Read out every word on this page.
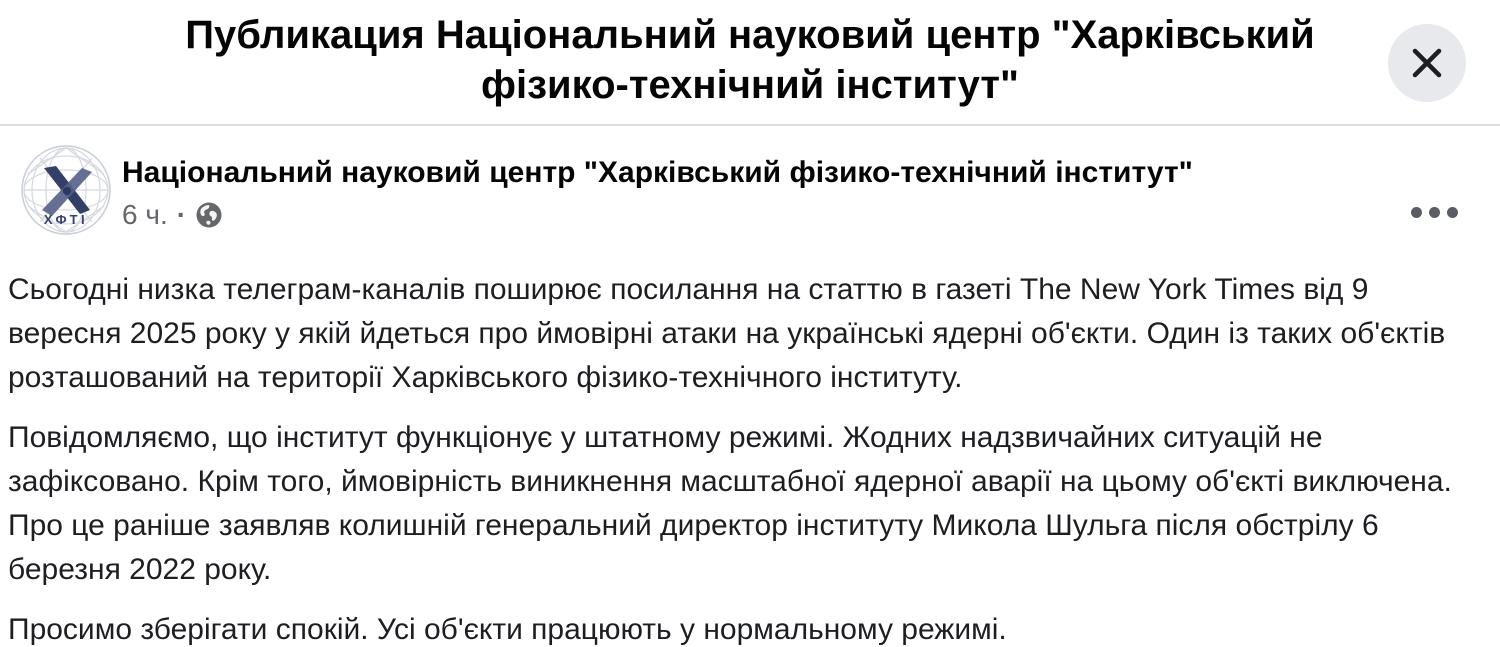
Публикация Національний науковий центр "Харківський фізико-технічний інститут"
ХФТІ
Національний науковий центр "Харківський фізико-технічний інститут"
6 ч. ·

Сьогодні низка телеграм-каналів поширює посилання на статтю в газеті The New York Times від 9 вересня 2025 року у якій йдеться про ймовірні атаки на українські ядерні об'єкти. Один із таких об'єктів розташований на території Харківського фізико-технічного інституту.

Повідомляємо, що інститут функціонує у штатному режимі. Жодних надзвичайних ситуацій не зафіксовано. Крім того, ймовірність виникнення масштабної ядерної аварії на цьому об'єкті виключена. Про це раніше заявляв колишній генеральний директор інституту Микола Шульга після обстрілу 6 березня 2022 року.

Просимо зберігати спокій. Усі об'єкти працюють у нормальному режимі.
